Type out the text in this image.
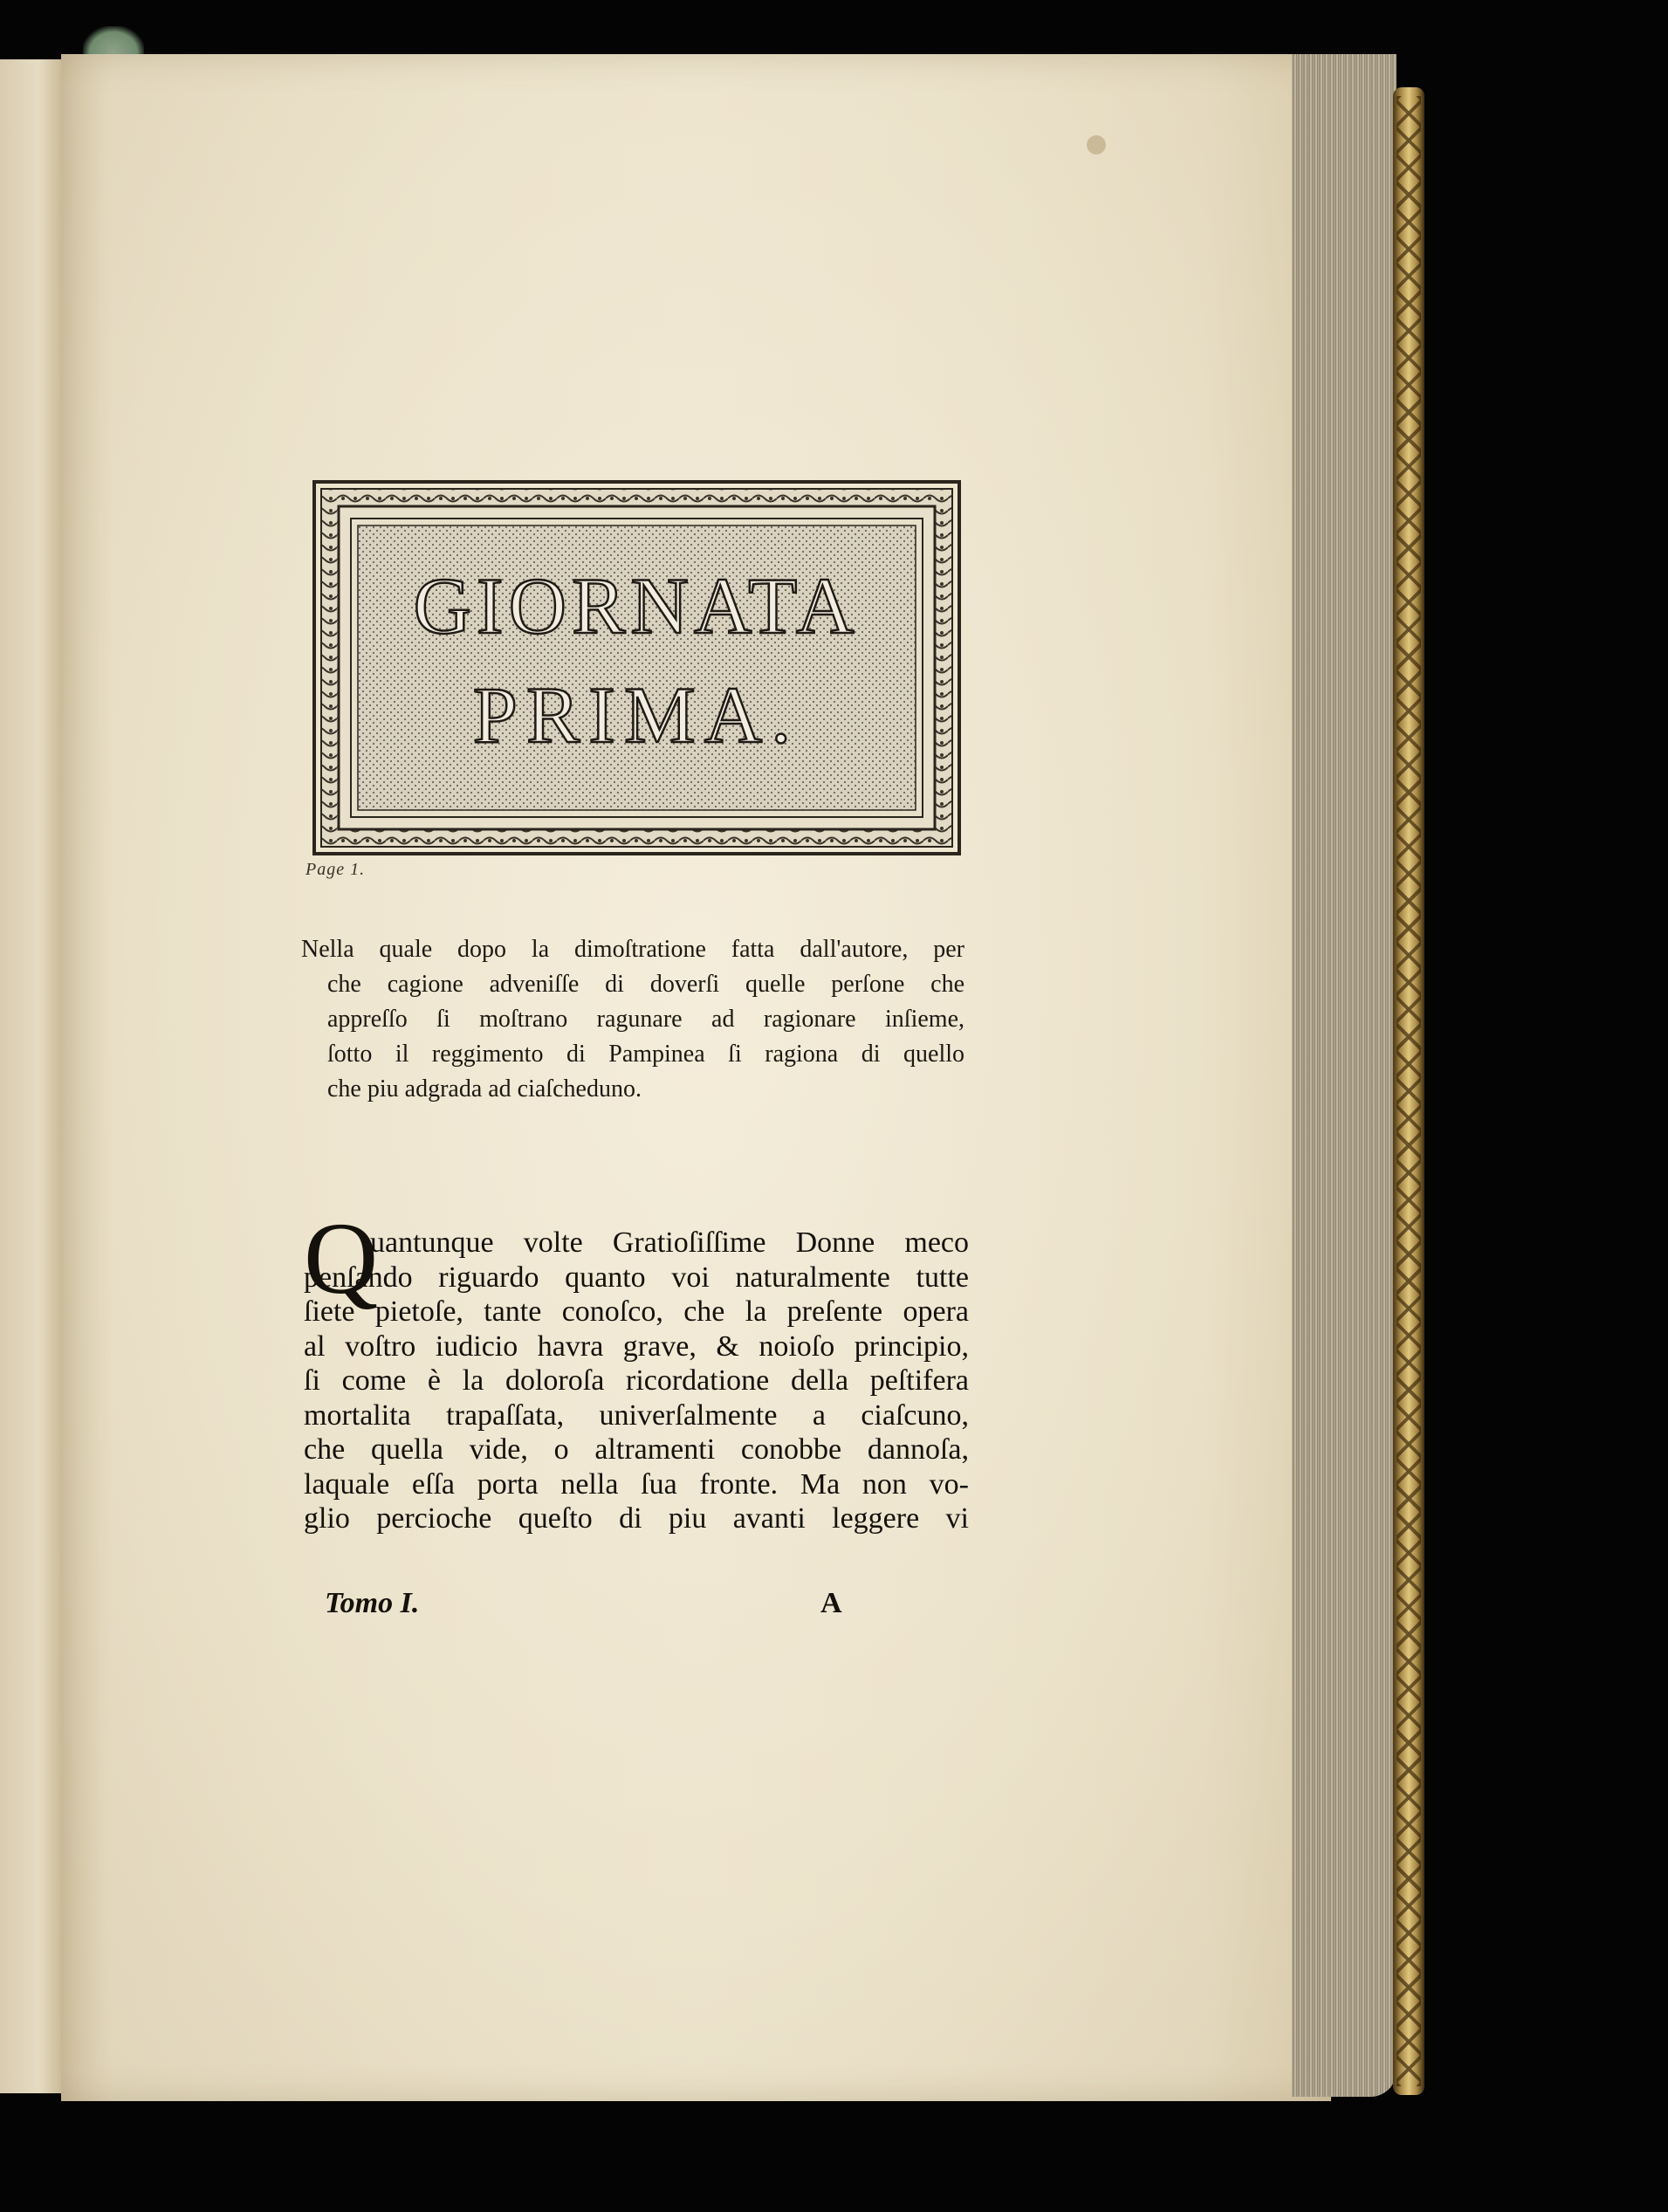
GIORNATA
PRIMA.
Page 1.
Nella quale dopo la dimoſtratione fatta dall'autore, per
che cagione adveniſſe di doverſi quelle perſone che
appreſſo ſi moſtrano ragunare ad ragionare inſieme,
ſotto il reggimento di Pampinea ſi ragiona di quello
che piu adgrada ad ciaſcheduno.
Q
uantunque volte Gratioſiſſime Donne meco
penſando riguardo quanto voi naturalmente tutte
ſiete pietoſe, tante conoſco, che la preſente opera
al voſtro iudicio havra grave, & noioſo principio,
ſi come è la doloroſa ricordatione della peſtifera
mortalita trapaſſata, univerſalmente a ciaſcuno,
che quella vide, o altramenti conobbe dannoſa,
laquale eſſa porta nella ſua fronte. Ma non vo-
glio percioche queſto di piu avanti leggere vi
Tomo I.	A
